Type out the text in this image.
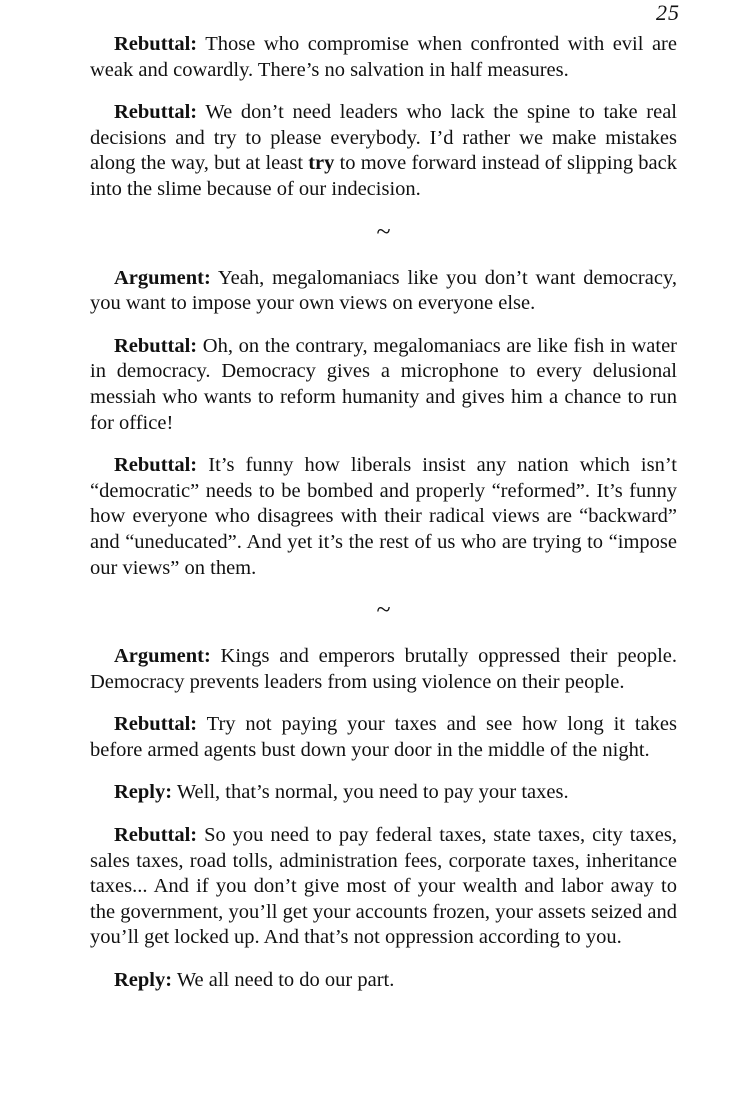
25

Rebuttal: Those who compromise when confronted with evil are weak and cowardly. There’s no salvation in half measures.

Rebuttal: We don’t need leaders who lack the spine to take real decisions and try to please everybody. I’d rather we make mistakes along the way, but at least try to move forward instead of slipping back into the slime because of our indecision.

~

Argument: Yeah, megalomaniacs like you don’t want democracy, you want to impose your own views on everyone else.

Rebuttal: Oh, on the contrary, megalomaniacs are like fish in water in democracy. Democracy gives a microphone to every delusional messiah who wants to reform humanity and gives him a chance to run for office!

Rebuttal: It’s funny how liberals insist any nation which isn’t “democratic” needs to be bombed and properly “reformed”. It’s funny how everyone who disagrees with their radical views are “backward” and “uneducated”. And yet it’s the rest of us who are trying to “impose our views” on them.

~

Argument: Kings and emperors brutally oppressed their people. Democracy prevents leaders from using violence on their people.

Rebuttal: Try not paying your taxes and see how long it takes before armed agents bust down your door in the middle of the night.

Reply: Well, that’s normal, you need to pay your taxes.

Rebuttal: So you need to pay federal taxes, state taxes, city taxes, sales taxes, road tolls, administration fees, corporate taxes, inheritance taxes... And if you don’t give most of your wealth and labor away to the government, you’ll get your accounts frozen, your assets seized and you’ll get locked up. And that’s not oppression according to you.

Reply: We all need to do our part.
